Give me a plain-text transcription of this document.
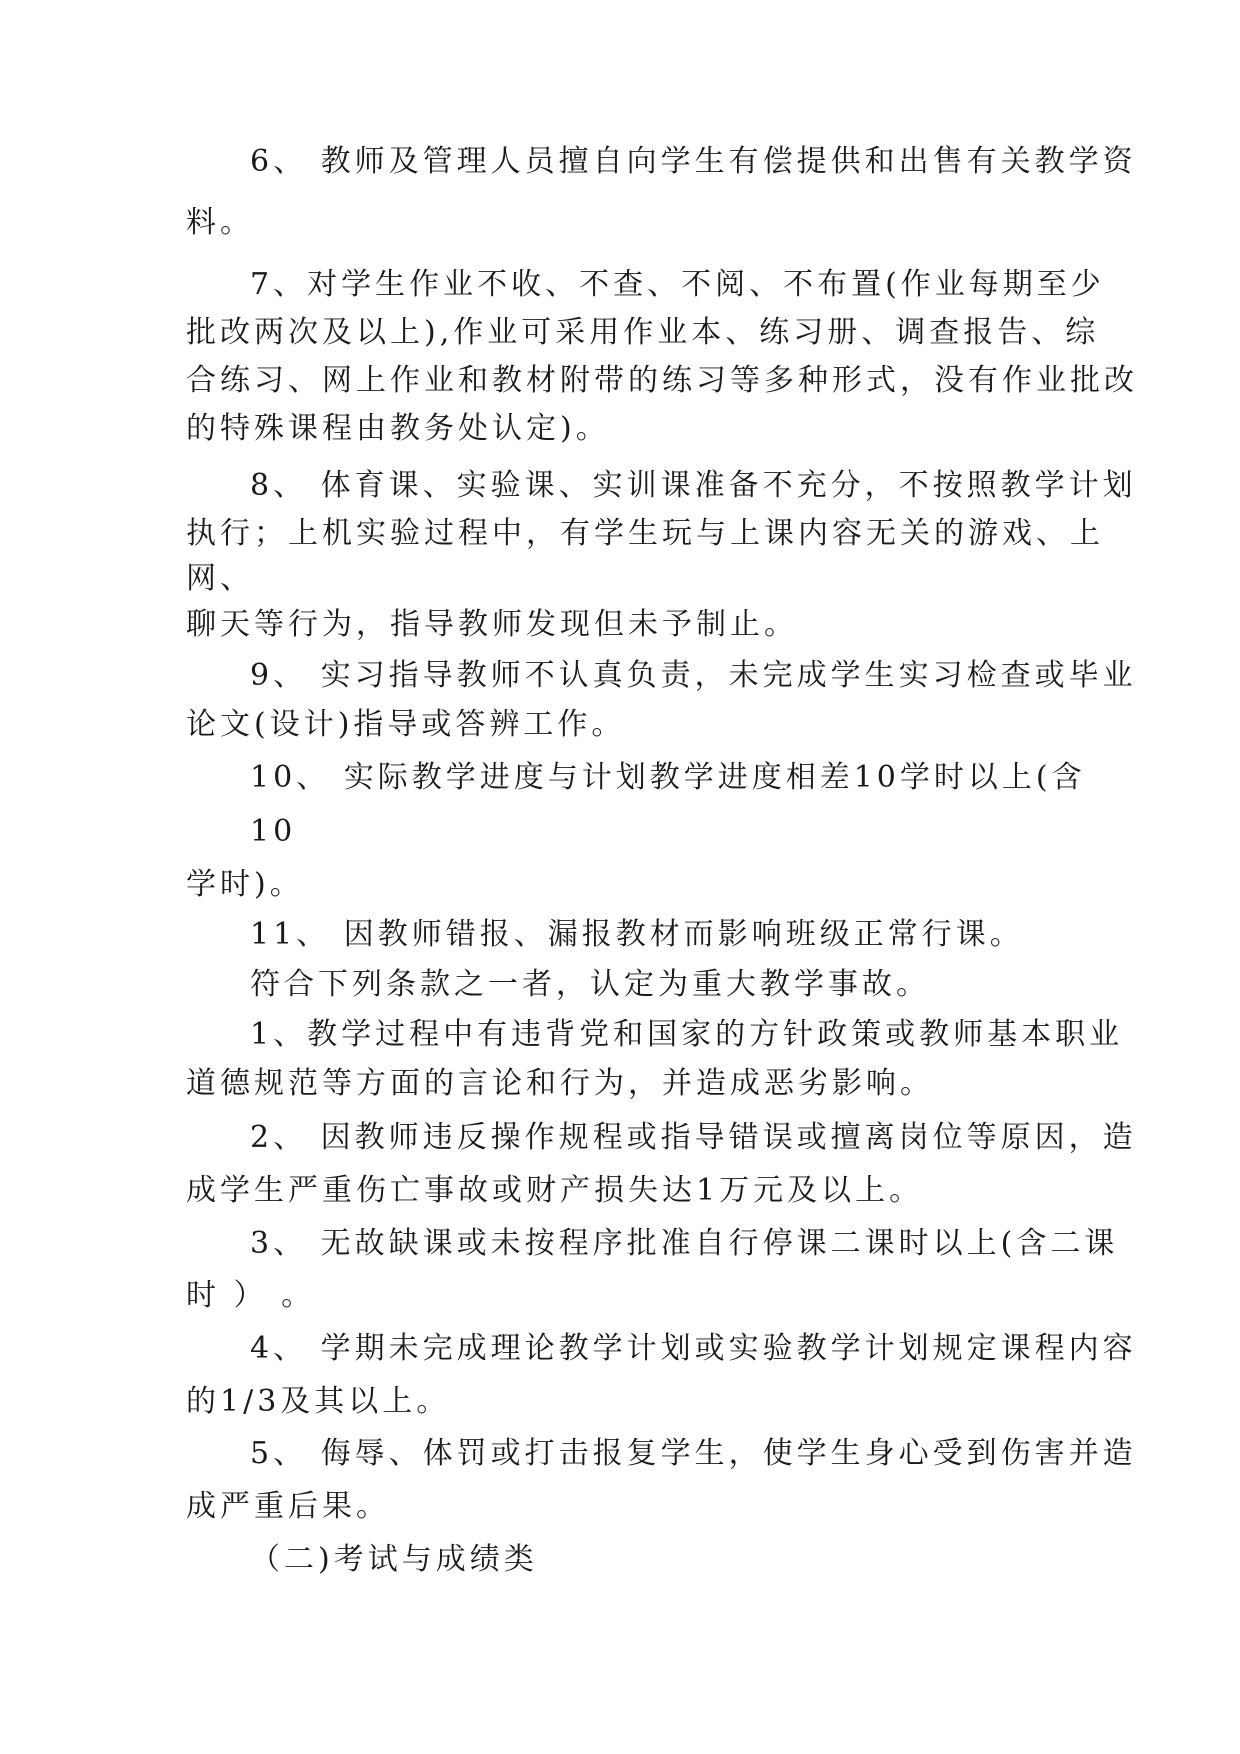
6、 教师及管理人员擅自向学生有偿提供和出售有关教学资
料。
7、对学生作业不收、不查、不阅、不布置(作业每期至少
批改两次及以上),作业可采用作业本、练习册、调查报告、综
合练习、网上作业和教材附带的练习等多种形式，没有作业批改
的特殊课程由教务处认定)。
8、 体育课、实验课、实训课准备不充分，不按照教学计划
执行；上机实验过程中，有学生玩与上课内容无关的游戏、上
网、
聊天等行为，指导教师发现但未予制止。
9、 实习指导教师不认真负责，未完成学生实习检查或毕业
论文(设计)指导或答辨工作。
10、 实际教学进度与计划教学进度相差10学时以上(含
10
学时)。
11、 因教师错报、漏报教材而影响班级正常行课。
符合下列条款之一者，认定为重大教学事故。
1、教学过程中有违背党和国家的方针政策或教师基本职业
道德规范等方面的言论和行为，并造成恶劣影响。
2、 因教师违反操作规程或指导错误或擅离岗位等原因，造
成学生严重伤亡事故或财产损失达1万元及以上。
3、 无故缺课或未按程序批准自行停课二课时以上(含二课
时 ） 。
4、 学期未完成理论教学计划或实验教学计划规定课程内容
的1/3及其以上。
5、 侮辱、体罚或打击报复学生，使学生身心受到伤害并造
成严重后果。
（二)考试与成绩类
